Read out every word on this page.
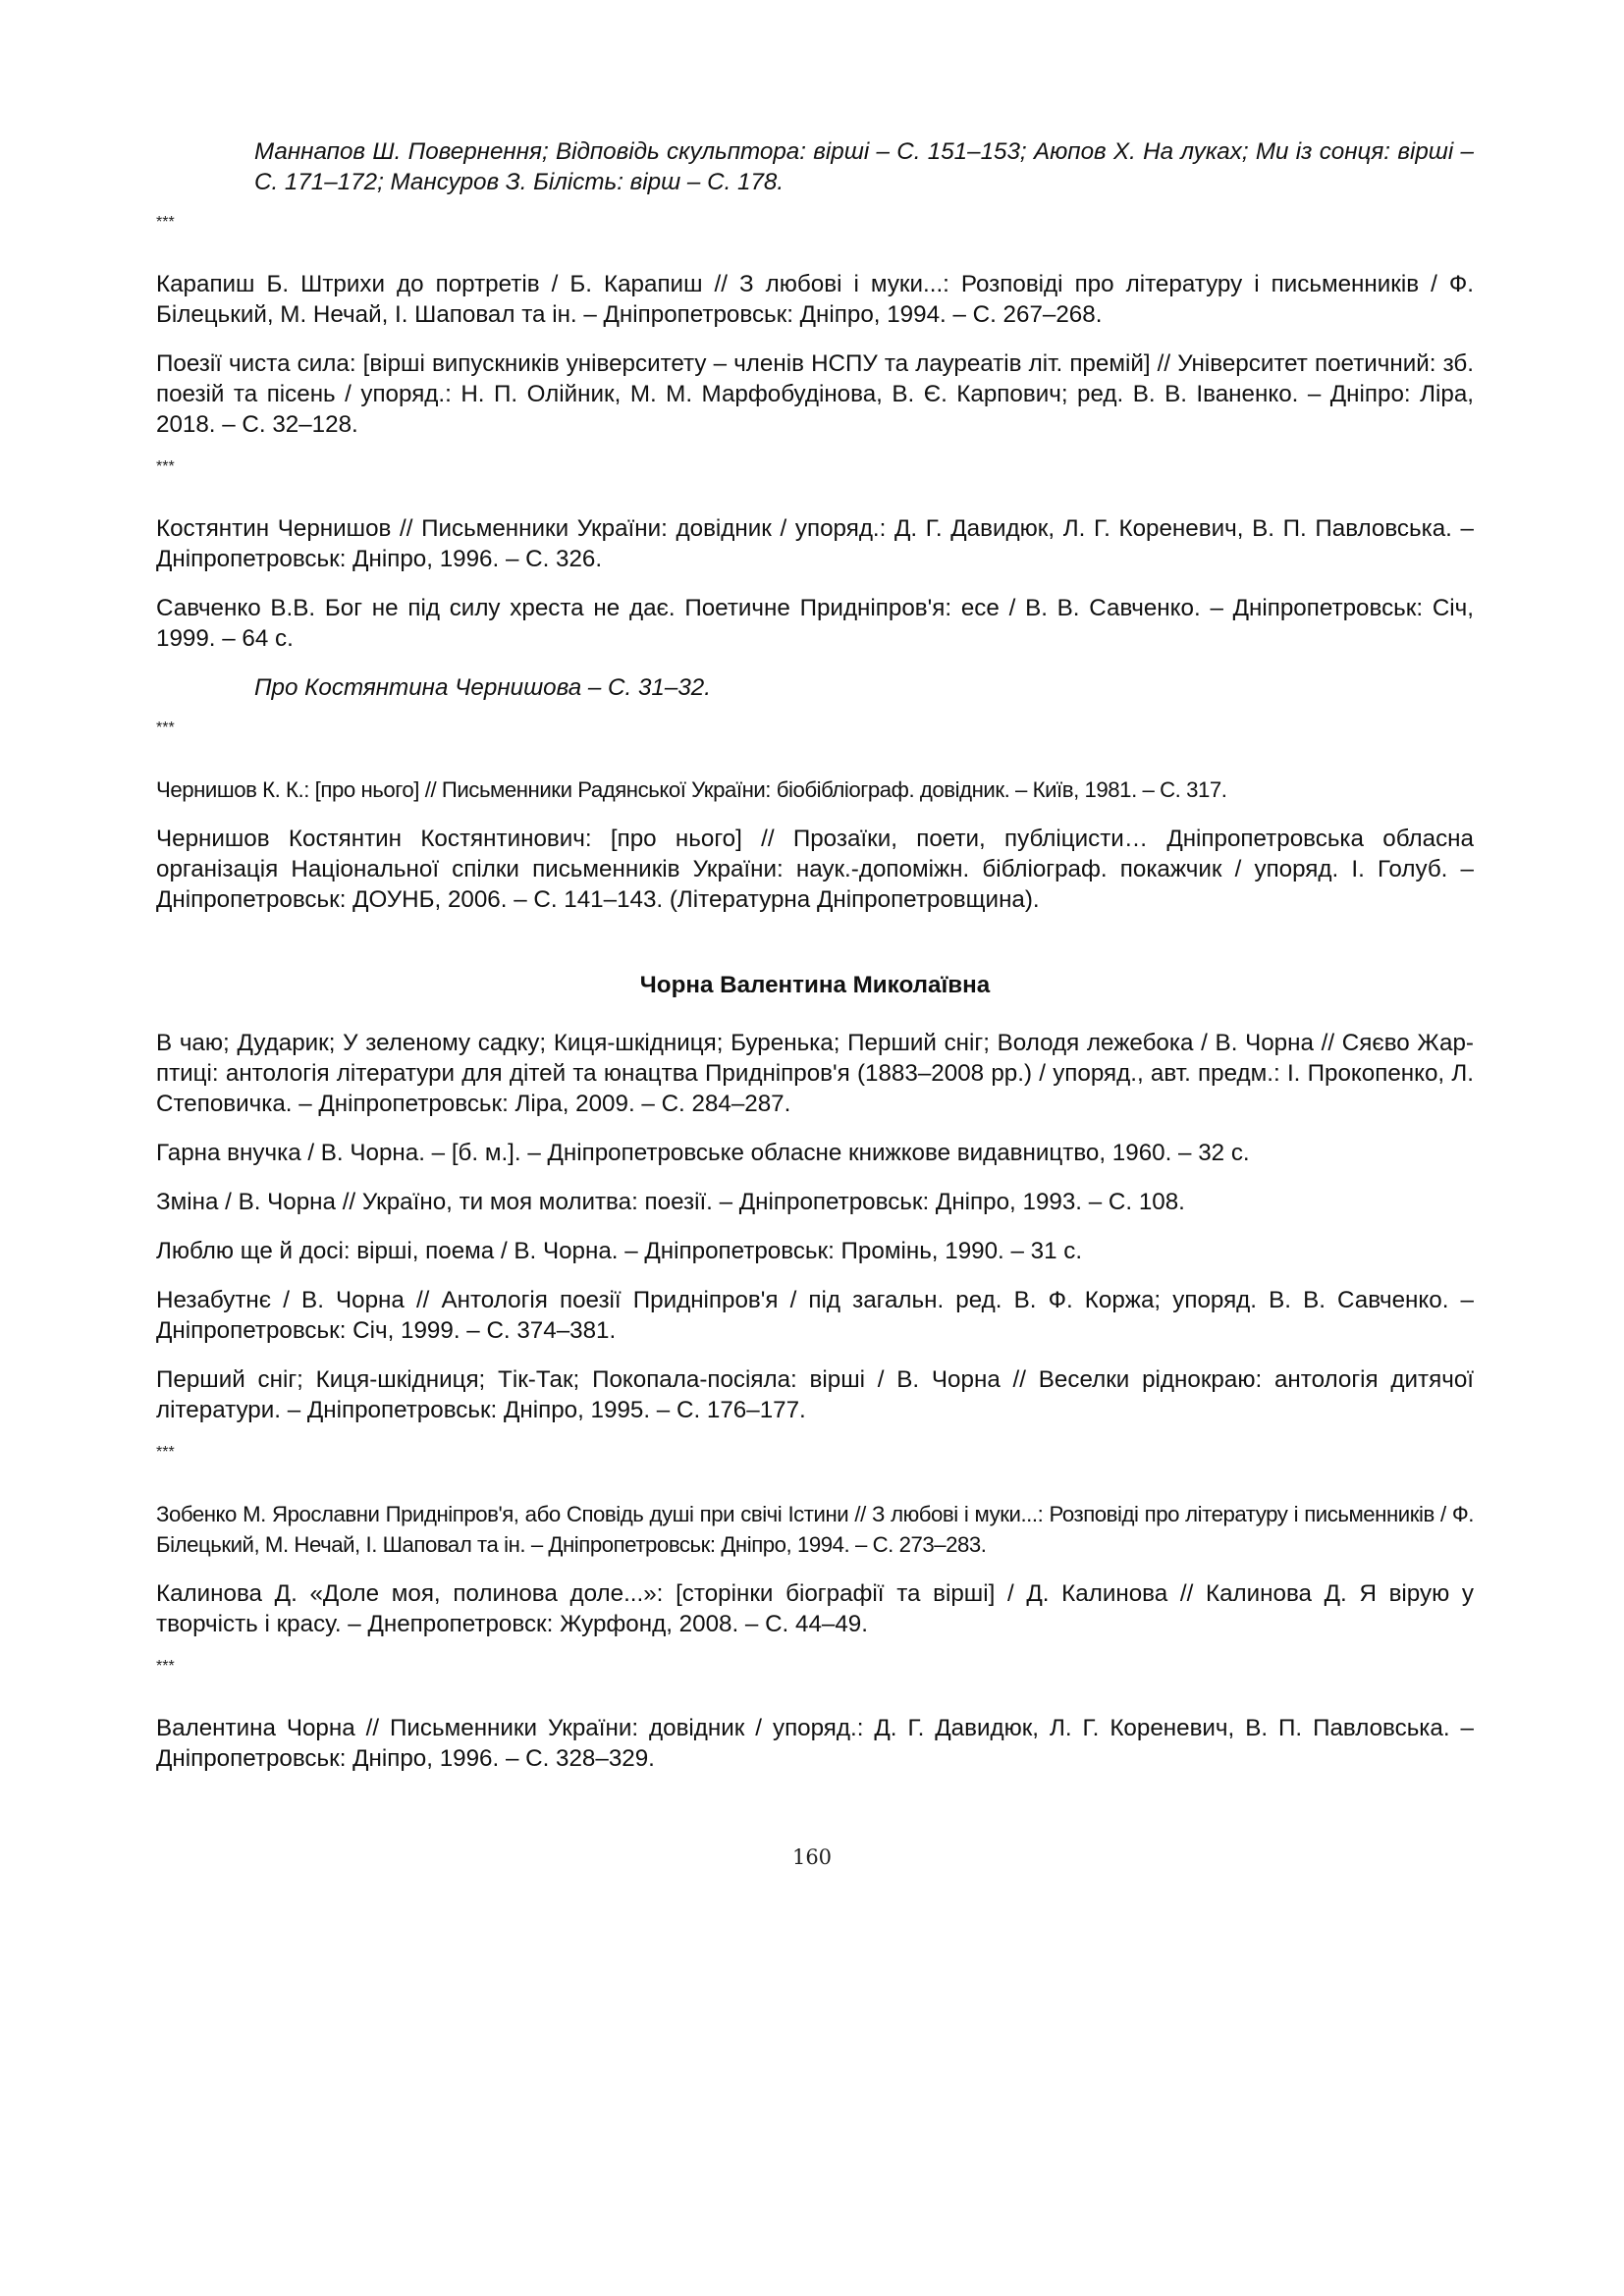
Маннапов Ш. Повернення; Відповідь скульптора: вірші – С. 151–153; Аюпов Х. На луках; Ми із сонця: вірші – С. 171–172; Мансуров З. Білість: вірш – С. 178.
***
Карапиш Б. Штрихи до портретів / Б. Карапиш // З любові і муки...: Розповіді про літературу і письменників / Ф. Білецький, М. Нечай, І. Шаповал та ін. – Дніпропетровськ: Дніпро, 1994. – С. 267–268.
Поезії чиста сила: [вірші випускників університету – членів НСПУ та лауреатів літ. премій] // Університет поетичний: зб. поезій та пісень / упоряд.: Н. П. Олійник, М. М. Марфобудінова, В. Є. Карпович; ред. В. В. Іваненко. – Дніпро: Ліра, 2018. – С. 32–128.
***
Костянтин Чернишов // Письменники України: довідник / упоряд.: Д. Г. Давидюк, Л. Г. Кореневич, В. П. Павловська. – Дніпропетровськ: Дніпро, 1996. – С. 326.
Савченко В.В. Бог не під силу хреста не дає. Поетичне Придніпров'я: есе / В. В. Савченко. – Дніпропетровськ: Січ, 1999. – 64 с.
Про Костянтина Чернишова – С. 31–32.
***
Чернишов К. К.: [про нього] // Письменники Радянської України: біобібліограф. довідник. – Київ, 1981. – С. 317.
Чернишов Костянтин Костянтинович: [про нього] // Прозаїки, поети, публіцисти… Дніпропетровська обласна організація Національної спілки письменників України: наук.-допоміжн. бібліограф. покажчик / упоряд. І. Голуб. – Дніпропетровськ: ДОУНБ, 2006. – С. 141–143. (Літературна Дніпропетровщина).
Чорна Валентина Миколаївна
В чаю; Дударик; У зеленому садку; Киця-шкідниця; Буренька; Перший сніг; Володя лежебока / В. Чорна // Сяєво Жар-птиці: антологія літератури для дітей та юнацтва Придніпров'я (1883–2008 рр.) / упоряд., авт. предм.: І. Прокопенко, Л. Степовичка. – Дніпропетровськ: Ліра, 2009. – С. 284–287.
Гарна внучка / В. Чорна. – [б. м.]. – Дніпропетровське обласне книжкове видавництво, 1960. – 32 с.
Зміна / В. Чорна // Україно, ти моя молитва: поезії. – Дніпропетровськ: Дніпро, 1993. – С. 108.
Люблю ще й досі: вірші, поема / В. Чорна. – Дніпропетровськ: Промінь, 1990. – 31 с.
Незабутнє / В. Чорна // Антологія поезії Придніпров'я / під загальн. ред. В. Ф. Коржа; упоряд. В. В. Савченко. – Дніпропетровськ: Січ, 1999. – С. 374–381.
Перший сніг; Киця-шкідниця; Тік-Так; Покопала-посіяла: вірші / В. Чорна // Веселки ріднокраю: антологія дитячої літератури. – Дніпропетровськ: Дніпро, 1995. – С. 176–177.
***
Зобенко М. Ярославни Придніпров'я, або Сповідь душі при свічі Істини // З любові і муки...: Розповіді про літературу і письменників / Ф. Білецький, М. Нечай, І. Шаповал та ін. – Дніпропетровськ: Дніпро, 1994. – С. 273–283.
Калинова Д. «Доле моя, полинова доле...»: [сторінки біографії та вірші] / Д. Калинова // Калинова Д. Я вірую у творчість і красу. – Днепропетровск: Журфонд, 2008. – С. 44–49.
***
Валентина Чорна // Письменники України: довідник / упоряд.: Д. Г. Давидюк, Л. Г. Кореневич, В. П. Павловська. – Дніпропетровськ: Дніпро, 1996. – С. 328–329.
160
